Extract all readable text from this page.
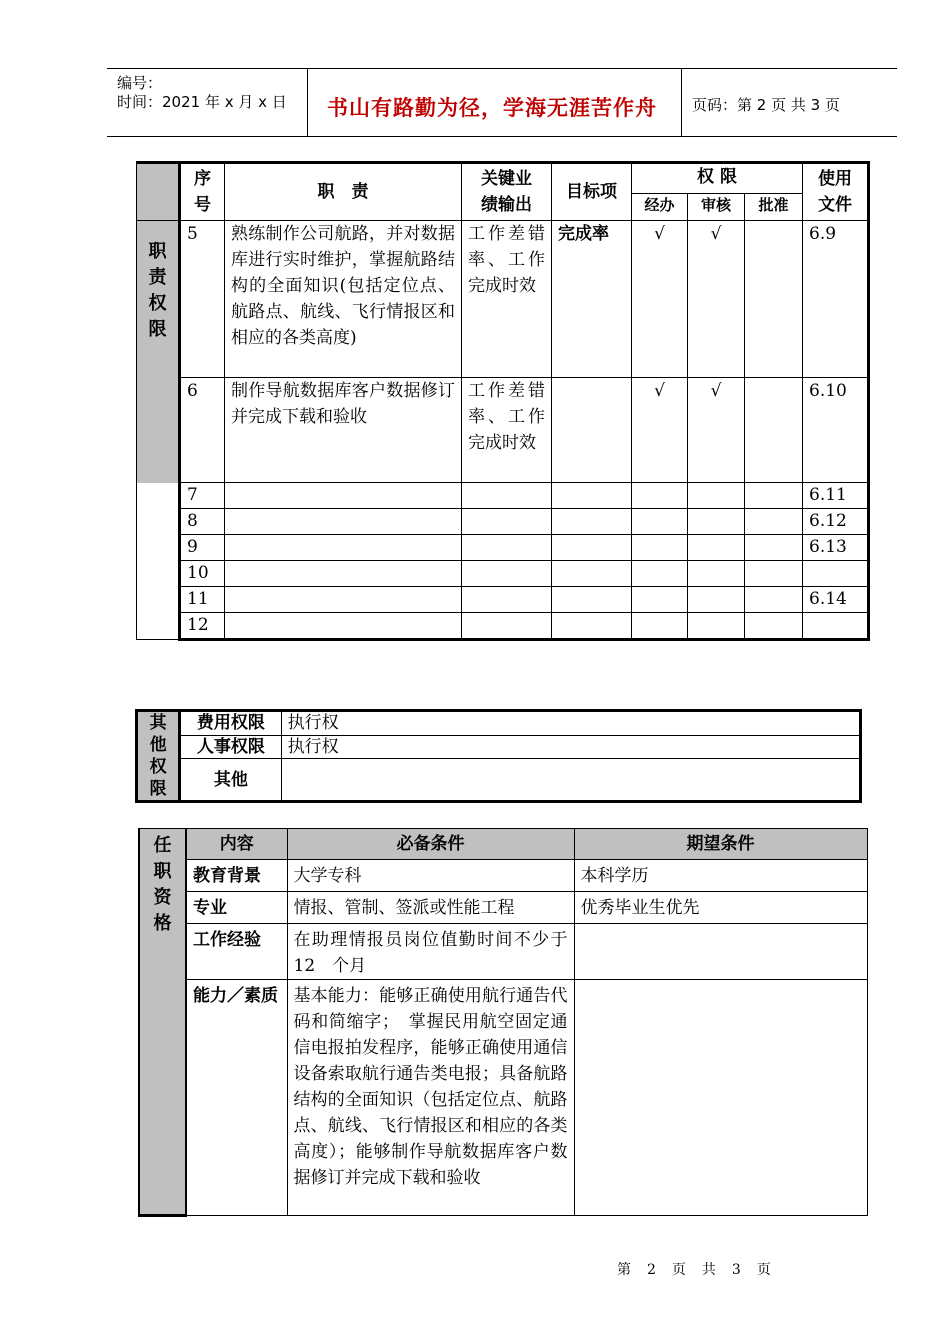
编号：
时间：2021 年 x 月 x 日 书山有路勤为径，学海无涯苦作舟 页码：第 2 页 共 3 页

	序
号	职　责	关键业
绩输出	目标项	权 限			使用
文件

					经办	审核	批准	

职
责
权
限	5	熟练制作公司航路，并对数据库进行实时维护，掌握航路结构的全面知识(包括定位点、航路点、航线、飞行情报区和相应的各类高度)	工作差错率、工作完成时效	完成率	√	√		6.9
	6	制作导航数据库客户数据修订并完成下载和验收	工作差错率、工作完成时效		√	√		6.10
	7							6.11
	8							6.12
	9							6.13
	10							
	11							6.14
	12							
其
他
权
限	费用权限	执行权
	人事权限	执行权
	其他	
任
职
资
格	内容	必备条件	期望条件
	教育背景	大学专科	本科学历
	专业	情报、管制、签派或性能工程	优秀毕业生优先
	工作经验	在助理情报员岗位值勤时间不少于 12　个月	
	能力／素质	基本能力：能够正确使用航行通告代码和简缩字；　掌握民用航空固定通信电报拍发程序，能够正确使用通信设备索取航行通告类电报；具备航路结构的全面知识（包括定位点、航路点、航线、飞行情报区和相应的各类高度）；能够制作导航数据库客户数据修订并完成下载和验收	
第　2　页　共　3　页
